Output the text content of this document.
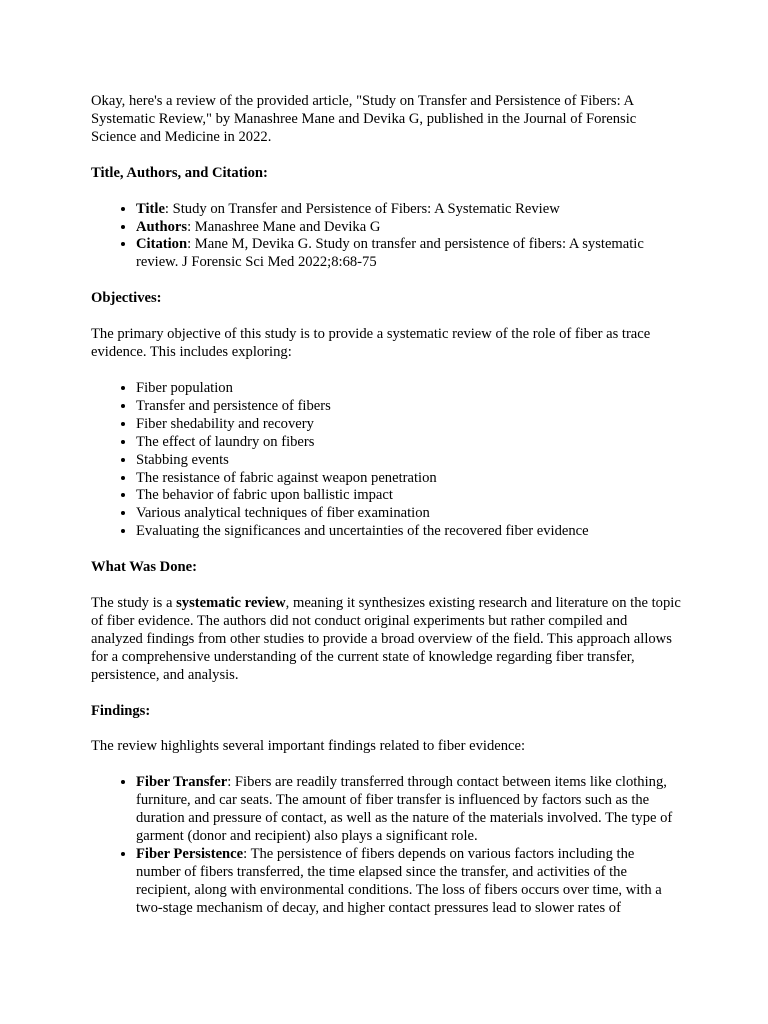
Okay, here's a review of the provided article, "Study on Transfer and Persistence of Fibers: A Systematic Review," by Manashree Mane and Devika G, published in the Journal of Forensic Science and Medicine in 2022.

Title, Authors, and Citation:

• Title: Study on Transfer and Persistence of Fibers: A Systematic Review
• Authors: Manashree Mane and Devika G
• Citation: Mane M, Devika G. Study on transfer and persistence of fibers: A systematic review. J Forensic Sci Med 2022;8:68-75

Objectives:

The primary objective of this study is to provide a systematic review of the role of fiber as trace evidence. This includes exploring:

• Fiber population
• Transfer and persistence of fibers
• Fiber shedability and recovery
• The effect of laundry on fibers
• Stabbing events
• The resistance of fabric against weapon penetration
• The behavior of fabric upon ballistic impact
• Various analytical techniques of fiber examination
• Evaluating the significances and uncertainties of the recovered fiber evidence

What Was Done:

The study is a systematic review, meaning it synthesizes existing research and literature on the topic of fiber evidence. The authors did not conduct original experiments but rather compiled and analyzed findings from other studies to provide a broad overview of the field. This approach allows for a comprehensive understanding of the current state of knowledge regarding fiber transfer, persistence, and analysis.

Findings:

The review highlights several important findings related to fiber evidence:

• Fiber Transfer: Fibers are readily transferred through contact between items like clothing, furniture, and car seats. The amount of fiber transfer is influenced by factors such as the duration and pressure of contact, as well as the nature of the materials involved. The type of garment (donor and recipient) also plays a significant role.
• Fiber Persistence: The persistence of fibers depends on various factors including the number of fibers transferred, the time elapsed since the transfer, and activities of the recipient, along with environmental conditions. The loss of fibers occurs over time, with a two-stage mechanism of decay, and higher contact pressures lead to slower rates of
